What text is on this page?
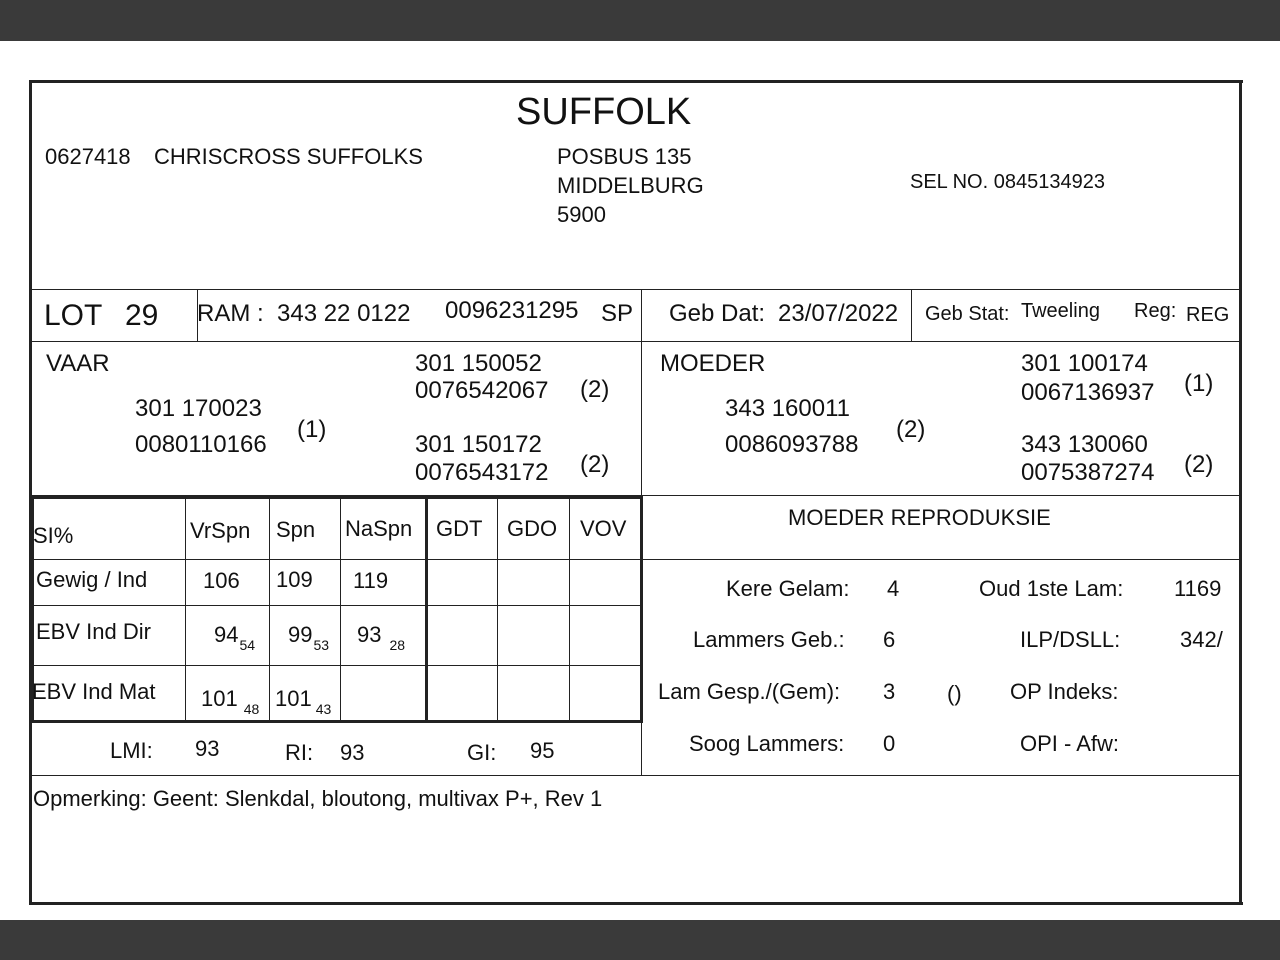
SUFFOLK
0627418 CHRISCROSS SUFFOLKS	POSBUS 135
MIDDELBURG
5900
SEL NO. 0845134923
LOT 29 RAM : 343 22 0122 0096231295 SP Geb Dat: 23/07/2022 Geb Stat: Tweeling Reg: REG
VAAR
301 170023
0080110166
(1)
301 150052
0076542067 (2)
301 150172
0076543172 (2)
MOEDER
343 160011
0086093788
(2)
301 100174
0067136937 (1)
343 130060
0075387274 (2)
SI%	VrSpn Spn NaSpn GDT GDO VOV
Gewig / Ind	106 109 119
EBV Ind Dir	$94_{54}$ $99_{53}$ 93 $_{28}$
EBV Ind Mat 101 $_{48}$ 101 $_{43}$
LMI: 93	RI: 93	GI: 95
MOEDER REPRODUKSIE
Kere Gelam: 4
Lammers Geb.: 6
Lam Gesp./(Gem): 3 ()
Soog Lammers: 0
Oud 1ste Lam: 1169
ILP/DSLL:	342/
OP Indeks:
OPI - Afw:
Opmerking: Geent: Slenkdal, bloutong, multivax P+, Rev 1
